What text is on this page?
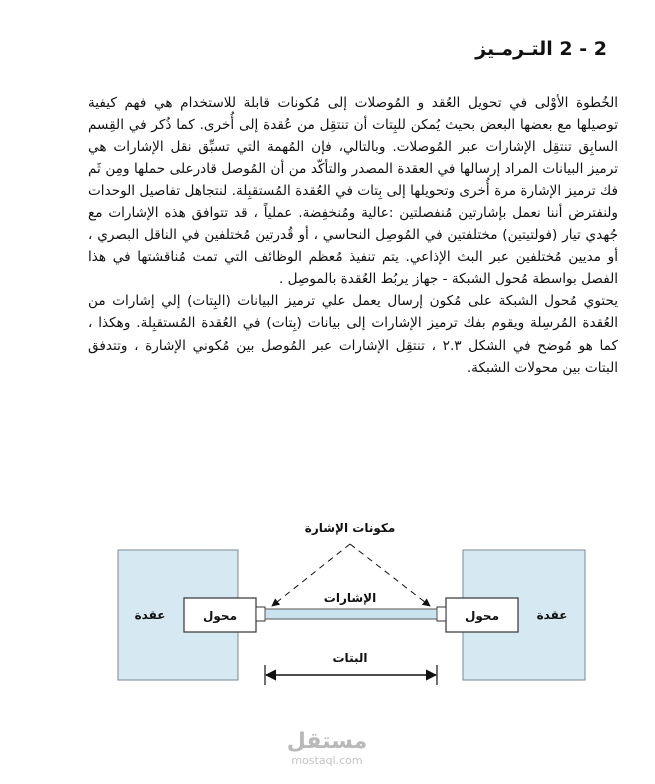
2 - 2 التـرمـيز

الخُطوة الأوْلى في تحويل العُقد و المُوصلات إلى مُكونات قابلة للاستخدام هي فهم كيفية توصيلها مع بعضها البعض بحيث يُمكن للبِتات أن تنتقِل من عُقدة إلى أُخرى. كما ذُكر في القِسم السابِق تنتقِل الإشارات عبر المُوصلات. وبالتالي، فإن المُهمة التي تسبِّق نقل الإشارات هي ترميز البيانات المراد إرسالها في العقدة المصدر والتأكّد من أن المُوصل قادرعلى حملها ومِن ثَم فك ترميز الإشارة مرة أُخرى وتحويلها إلى بِتات في العُقدة المُستقبِلة. لنتجاهل تفاصيل الوحدات ولنفترض أننا نعمل بإشارتين مُنفصلتين :عالية ومُنخفِضة. عملياً ، قد تتوافق هذه الإشارات مع جُهدي تيار (فولتيتين) مختلفتين في المُوصِل النحاسي ، أو قُدرتين مُختلفين في الناقل البصري ، أو مديين مُختلفين عبر البث الإذاعي. يتم تنفيذ مُعظم الوظائف التي تمت مُناقشتها في هذا الفصل بواسطة مُحول الشبكة - جهاز يربُط العُقدة بالموصِل .

يحتوي مُحول الشبكة على مُكون إرسال يعمل علي ترميز البيانات (البِتات) إلي إشارات من العُقدة المُرسِلة ويقوم بفك ترميز الإشارات إلى بيانات (بِتات) في العُقدة المُستقبِلة. وهكذا ، كما هو مُوضح في الشكل ٢.٣ ، تنتقِل الإشارات عبر المُوصل بين مُكوني الإشارة ، وتتدفق البتات بين محولات الشبكة.

مكونات الإشارة
الإشارات
البتات
عقدة	عقدة
محول	محول
مستقل
mostaql.com
